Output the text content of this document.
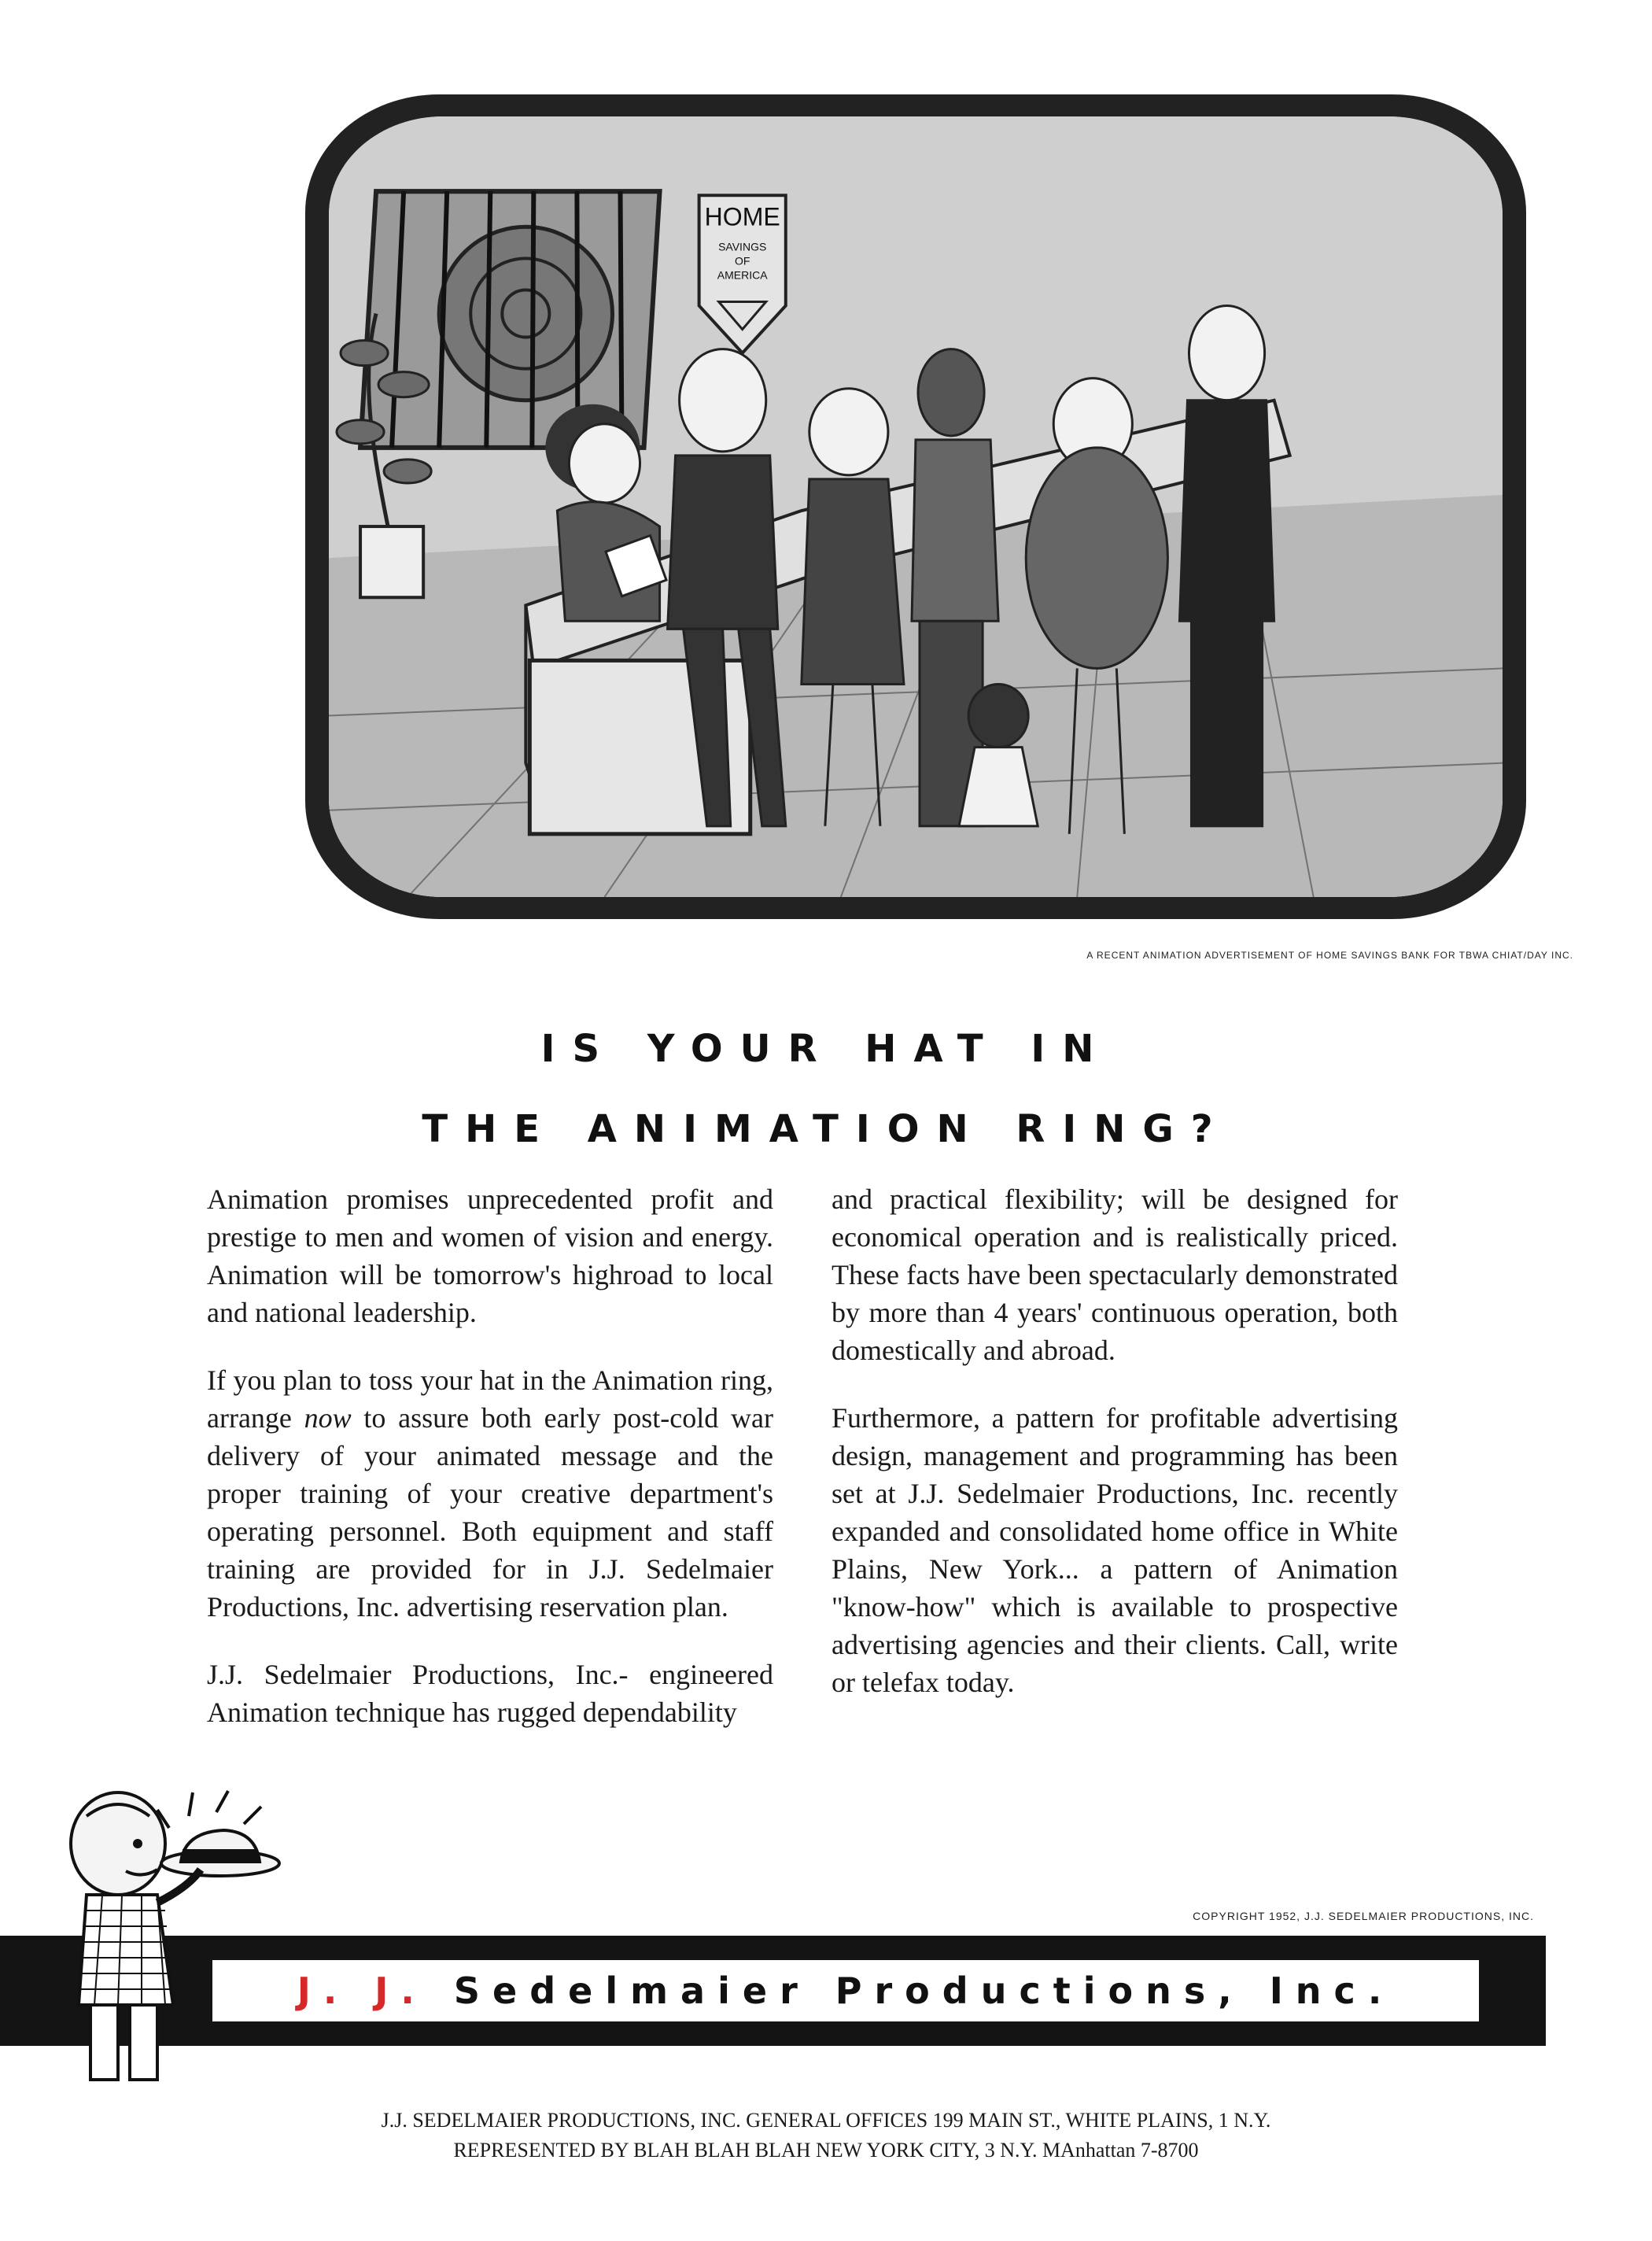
HOME
SAVINGS
OF
AMERICA
A RECENT ANIMATION ADVERTISEMENT OF HOME SAVINGS BANK FOR TBWA CHIAT/DAY INC.
IS YOUR HAT IN
THE ANIMATION RING?

Animation promises unprecedented profit and prestige to men and women of vision and energy. Animation will be tomorrow's highroad to local and national leadership.

If you plan to toss your hat in the Animation ring, arrange now to assure both early post-cold war delivery of your animated message and the proper training of your creative department's operating personnel. Both equipment and staff training are provided for in J.J. Sedelmaier Productions, Inc. advertising reservation plan.

J.J. Sedelmaier Productions, Inc.- engineered Animation technique has rugged dependability

and practical flexibility; will be designed for economical operation and is realistically priced. These facts have been spectacularly demonstrated by more than 4 years' continuous operation, both domestically and abroad.

Furthermore, a pattern for profitable advertising design, management and programming has been set at J.J. Sedelmaier Productions, Inc. recently expanded and consolidated home office in White Plains, New York... a pattern of Animation "know-how" which is available to prospective advertising agencies and their clients. Call, write or telefax today.

COPYRIGHT 1952, J.J. SEDELMAIER PRODUCTIONS, INC.
J. J. Sedelmaier Productions, Inc.
J.J. SEDELMAIER PRODUCTIONS, INC. GENERAL OFFICES 199 MAIN ST., WHITE PLAINS, 1 N.Y.
REPRESENTED BY BLAH BLAH BLAH NEW YORK CITY, 3 N.Y. MAnhattan 7-8700
